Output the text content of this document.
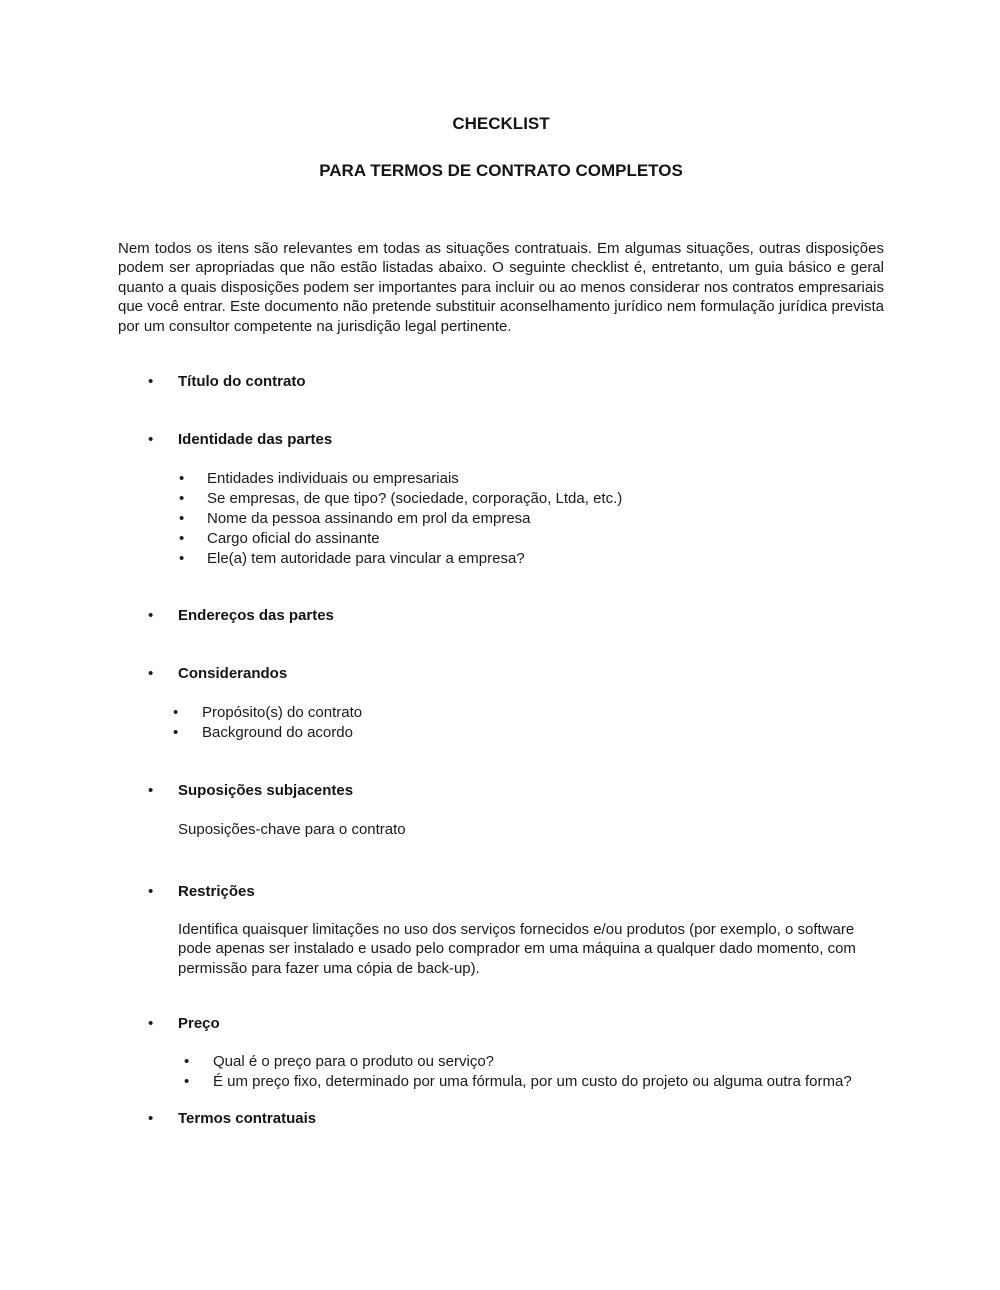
CHECKLIST
PARA TERMOS DE CONTRATO COMPLETOS

Nem todos os itens são relevantes em todas as situações contratuais. Em algumas situações, outras disposições podem ser apropriadas que não estão listadas abaixo. O seguinte checklist é, entretanto, um guia básico e geral quanto a quais disposições podem ser importantes para incluir ou ao menos considerar nos contratos empresariais que você entrar. Este documento não pretende substituir aconselhamento jurídico nem formulação jurídica prevista por um consultor competente na jurisdição legal pertinente.

•	Título do contrato
•	Identidade das partes
•	Entidades individuais ou empresariais
•	Se empresas, de que tipo? (sociedade, corporação, Ltda, etc.)
•	Nome da pessoa assinando em prol da empresa
•	Cargo oficial do assinante
•	Ele(a) tem autoridade para vincular a empresa?
•	Endereços das partes
•	Considerandos
•	Propósito(s) do contrato
•	Background do acordo
•	Suposições subjacentes

Suposições-chave para o contrato

•	Restrições

Identifica quaisquer limitações no uso dos serviços fornecidos e/ou produtos (por exemplo, o software pode apenas ser instalado e usado pelo comprador em uma máquina a qualquer dado momento, com permissão para fazer uma cópia de back-up).

•	Preço
•	Qual é o preço para o produto ou serviço?
•	É um preço fixo, determinado por uma fórmula, por um custo do projeto ou alguma outra forma?
•	Termos contratuais
